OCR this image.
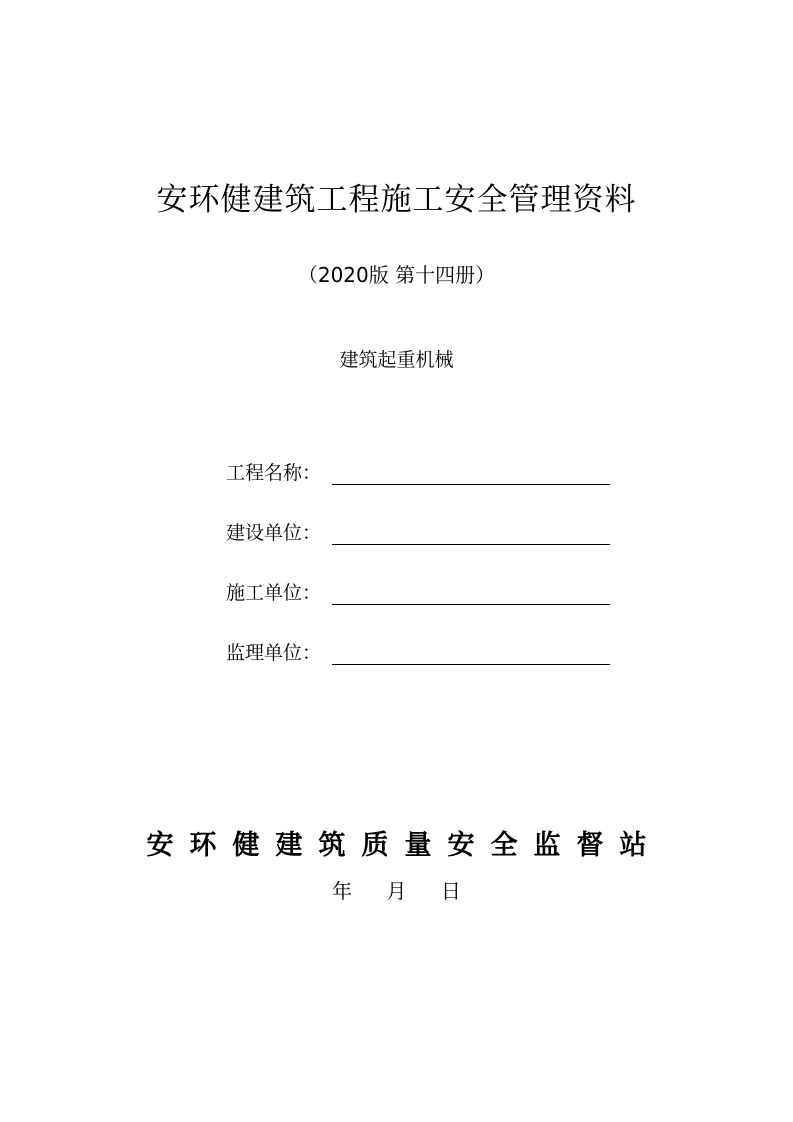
安环健建筑工程施工安全管理资料
（2020版 第十四册）
建筑起重机械
工程名称：
建设单位：
施工单位：
监理单位：
安环健建筑质量安全监督站
年 月 日
